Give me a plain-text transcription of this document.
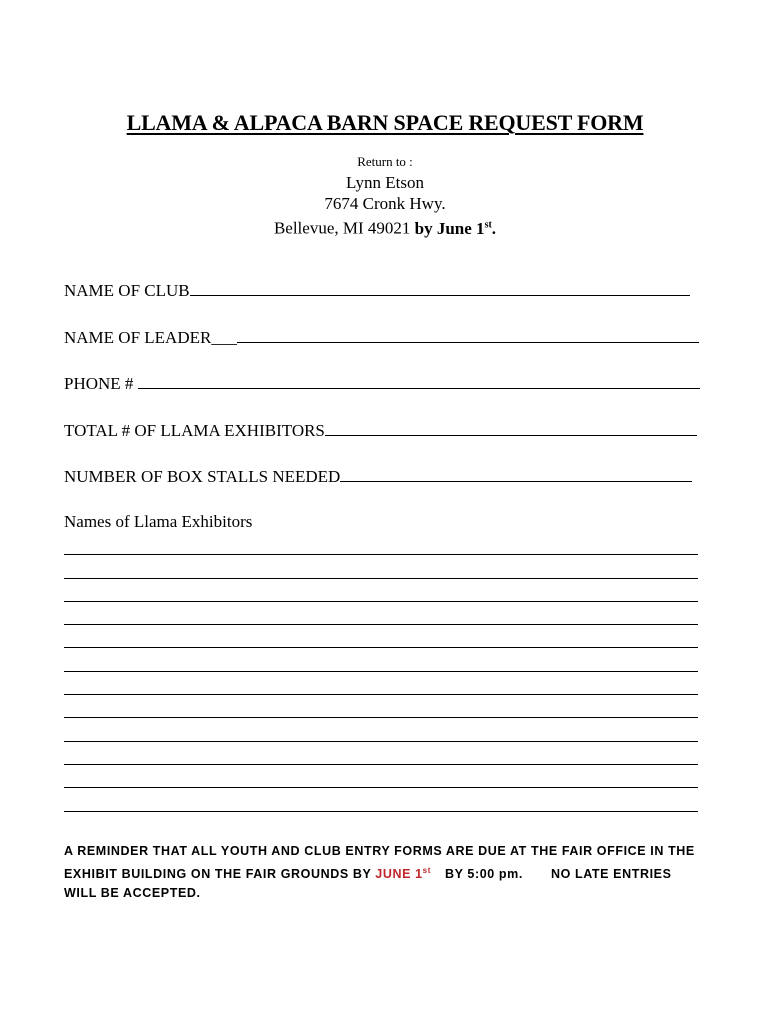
LLAMA & ALPACA BARN SPACE REQUEST FORM
Return to :
Lynn Etson
7674 Cronk Hwy.
Bellevue, MI 49021 by June 1st.
NAME OF CLUB
NAME OF LEADER___
PHONE #
TOTAL # OF LLAMA EXHIBITORS
NUMBER OF BOX STALLS NEEDED
Names of Llama Exhibitors
A REMINDER THAT ALL YOUTH AND CLUB ENTRY FORMS ARE DUE AT THE FAIR OFFICE IN THE EXHIBIT BUILDING ON THE FAIR GROUNDS BY JUNE 1st BY 5:00 pm. NO LATE ENTRIES WILL BE ACCEPTED.
